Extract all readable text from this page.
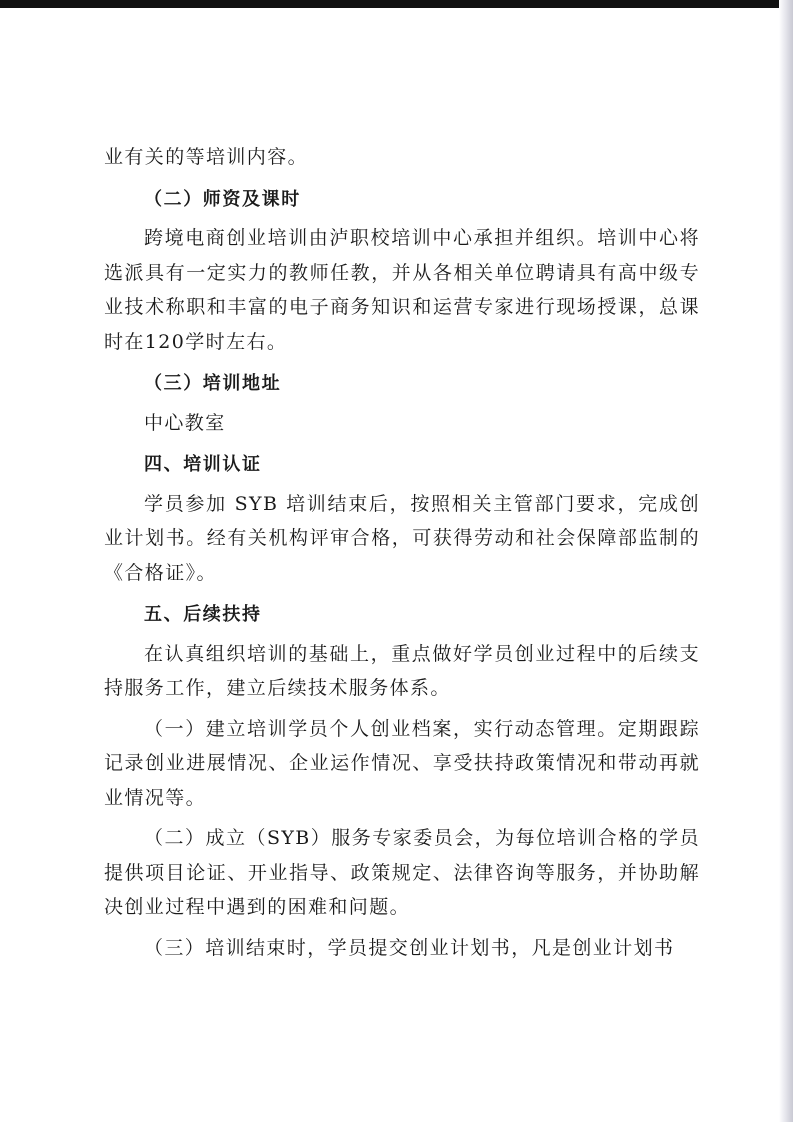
业有关的等培训内容。

（二）师资及课时

跨境电商创业培训由泸职校培训中心承担并组织。培训中心将选派具有一定实力的教师任教，并从各相关单位聘请具有高中级专业技术称职和丰富的电子商务知识和运营专家进行现场授课，总课时在120学时左右。

（三）培训地址

中心教室

四、培训认证

学员参加 SYB 培训结束后，按照相关主管部门要求，完成创业计划书。经有关机构评审合格，可获得劳动和社会保障部监制的《合格证》。

五、后续扶持

在认真组织培训的基础上，重点做好学员创业过程中的后续支持服务工作，建立后续技术服务体系。

（一）建立培训学员个人创业档案，实行动态管理。定期跟踪记录创业进展情况、企业运作情况、享受扶持政策情况和带动再就业情况等。

（二）成立（SYB）服务专家委员会，为每位培训合格的学员提供项目论证、开业指导、政策规定、法律咨询等服务，并协助解决创业过程中遇到的困难和问题。

（三）培训结束时，学员提交创业计划书，凡是创业计划书
